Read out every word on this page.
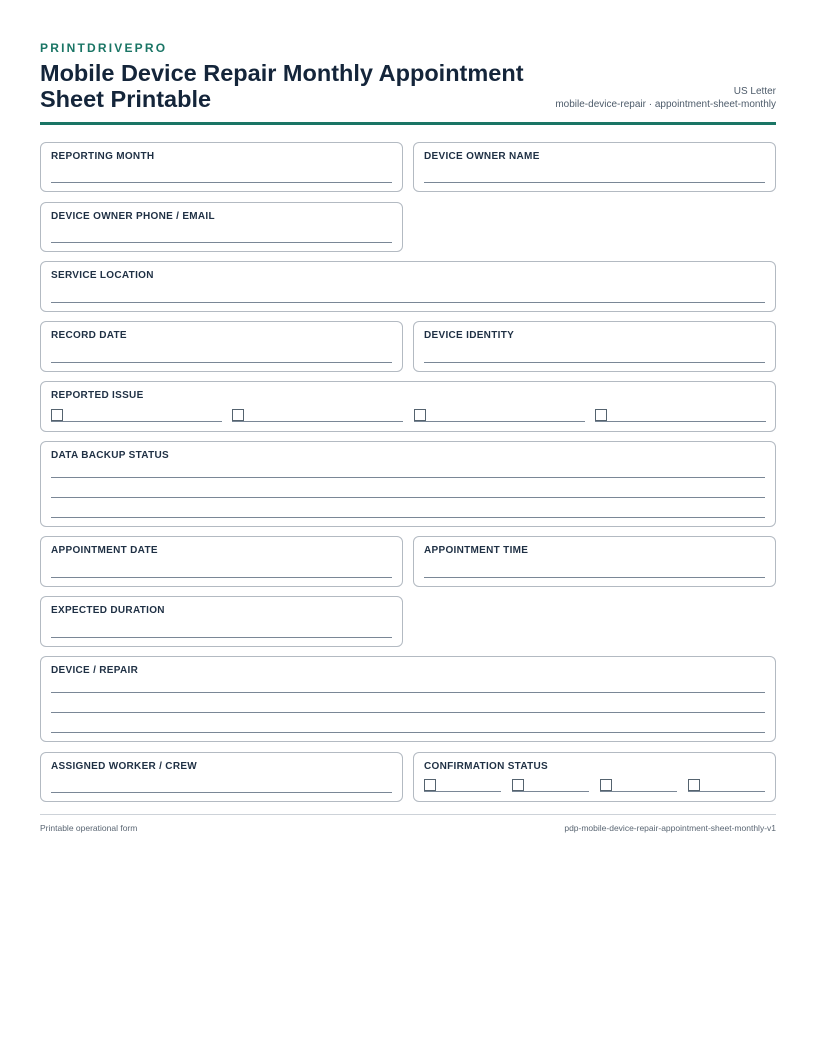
PRINTDRIVEPRO
Mobile Device Repair Monthly Appointment Sheet Printable	US Letter
mobile-device-repair · appointment-sheet-monthly
REPORTING MONTH	DEVICE OWNER NAME
DEVICE OWNER PHONE / EMAIL
SERVICE LOCATION
RECORD DATE	DEVICE IDENTITY
REPORTED ISSUE
DATA BACKUP STATUS
APPOINTMENT DATE	APPOINTMENT TIME
EXPECTED DURATION
DEVICE / REPAIR
ASSIGNED WORKER / CREW	CONFIRMATION STATUS
Printable operational form	pdp-mobile-device-repair-appointment-sheet-monthly-v1
